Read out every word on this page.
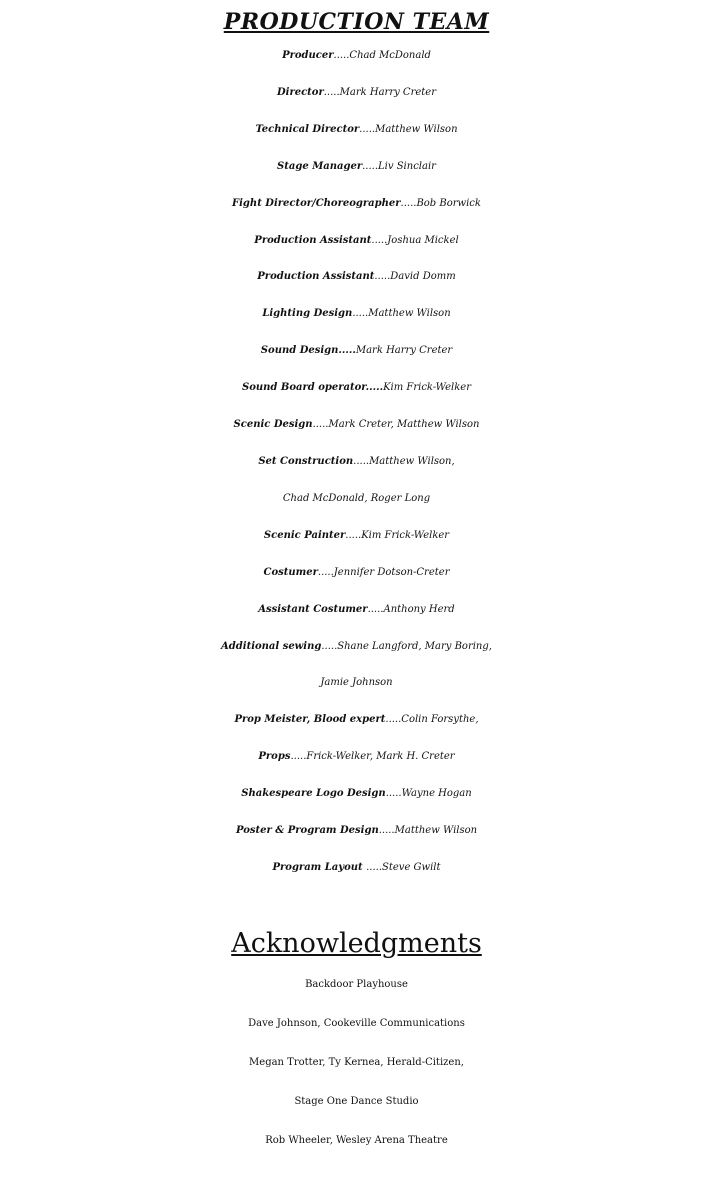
PRODUCTION TEAM

Producer.....Chad McDonald

Director.....Mark Harry Creter

Technical Director.....Matthew Wilson

Stage Manager.....Liv Sinclair

Fight Director/Choreographer.....Bob Borwick

Production Assistant.....Joshua Mickel

Production Assistant.....David Domm

Lighting Design.....Matthew Wilson

Sound Design.....Mark Harry Creter

Sound Board operator.....Kim Frick-Welker

Scenic Design.....Mark Creter, Matthew Wilson

Set Construction.....Matthew Wilson,

Chad McDonald, Roger Long

Scenic Painter.....Kim Frick-Welker

Costumer.....Jennifer Dotson-Creter

Assistant Costumer.....Anthony Herd

Additional sewing.....Shane Langford, Mary Boring,

Jamie Johnson

Prop Meister, Blood expert.....Colin Forsythe,

Props.....Frick-Welker, Mark H. Creter

Shakespeare Logo Design.....Wayne Hogan

Poster & Program Design.....Matthew Wilson

Program Layout .....Steve Gwilt

Acknowledgments

Backdoor Playhouse

Dave Johnson, Cookeville Communications

Megan Trotter, Ty Kernea, Herald-Citizen,

Stage One Dance Studio

Rob Wheeler, Wesley Arena Theatre
